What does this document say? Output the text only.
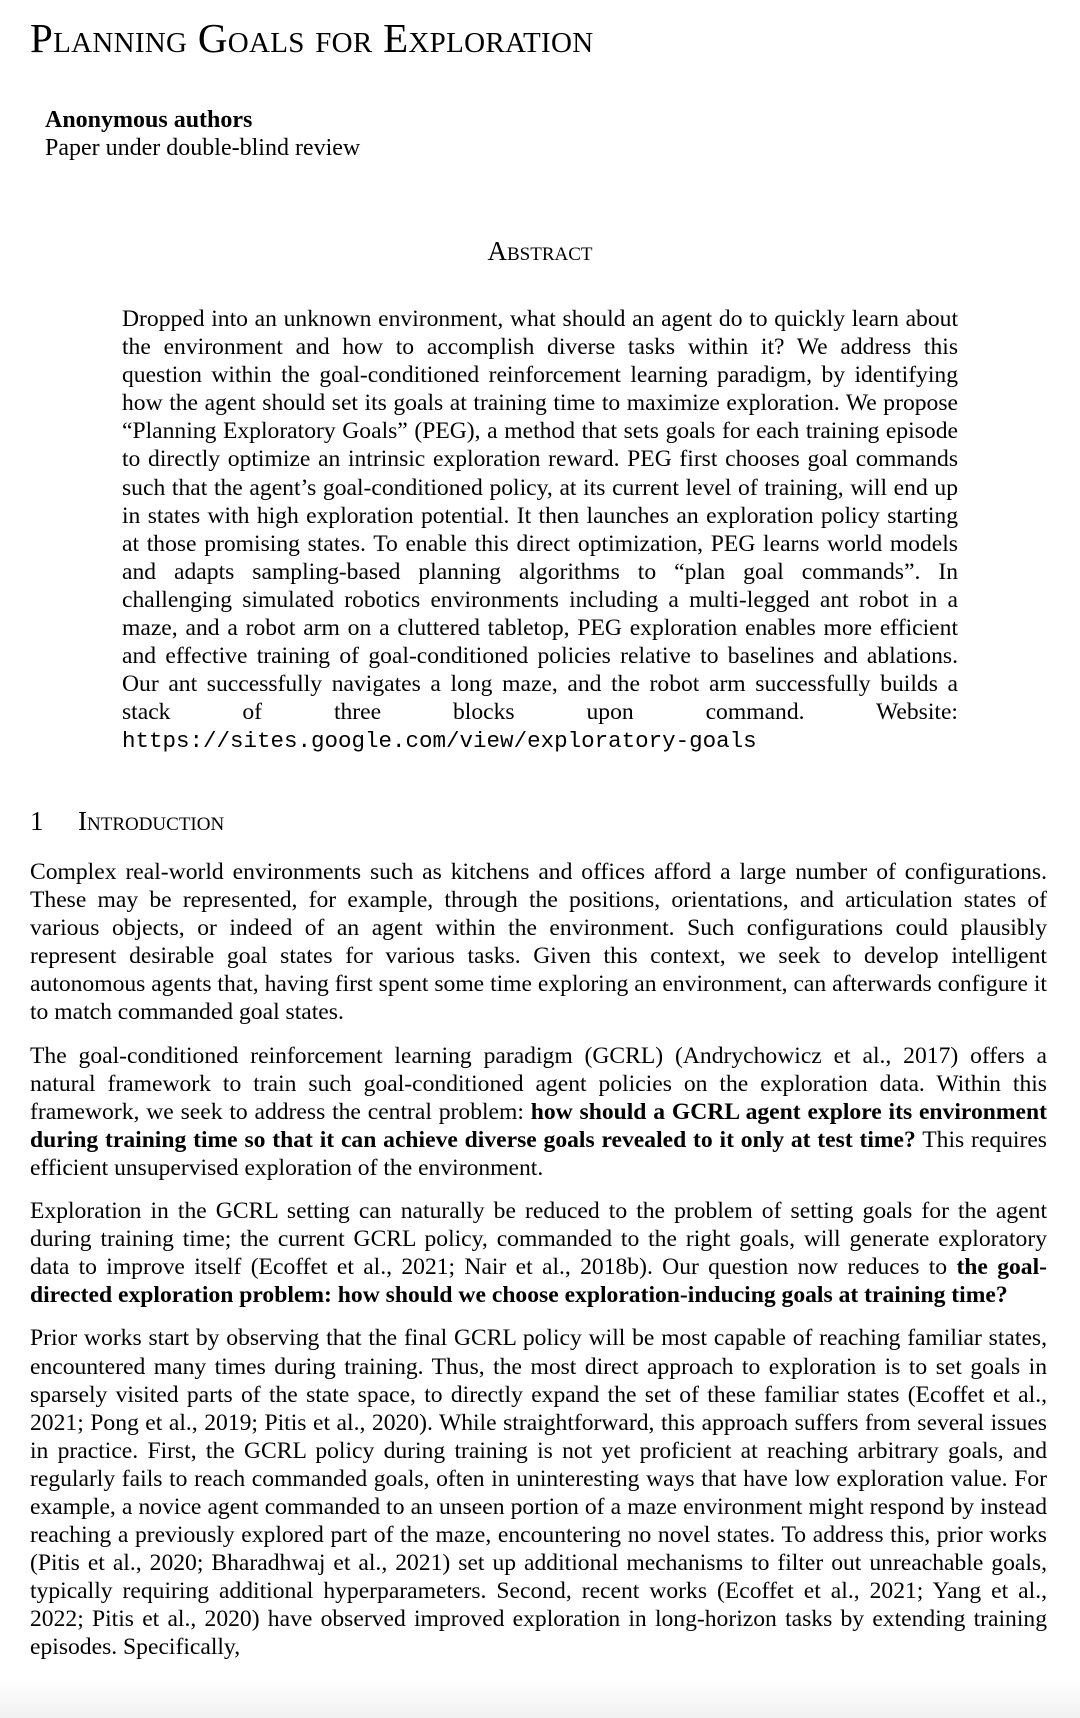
Planning Goals for Exploration
Anonymous authors
Paper under double-blind review
Abstract

Dropped into an unknown environment, what should an agent do to quickly learn about the environment and how to accomplish diverse tasks within it? We address this question within the goal-conditioned reinforcement learning paradigm, by identifying how the agent should set its goals at training time to maximize exploration. We propose “Planning Exploratory Goals” (PEG), a method that sets goals for each training episode to directly optimize an intrinsic exploration reward. PEG first chooses goal commands such that the agent’s goal-conditioned policy, at its current level of training, will end up in states with high exploration potential. It then launches an exploration policy starting at those promising states. To enable this direct optimization, PEG learns world models and adapts sampling-based planning algorithms to “plan goal commands”. In challenging simulated robotics environments including a multi-legged ant robot in a maze, and a robot arm on a cluttered tabletop, PEG exploration enables more efficient and effective training of goal-conditioned policies relative to baselines and ablations. Our ant successfully navigates a long maze, and the robot arm successfully builds a stack of three blocks upon command.	Website: https://sites.google.com/view/exploratory-goals

1 Introduction

Complex real-world environments such as kitchens and offices afford a large number of configurations. These may be represented, for example, through the positions, orientations, and articulation states of various objects, or indeed of an agent within the environment. Such configurations could plausibly represent desirable goal states for various tasks. Given this context, we seek to develop intelligent autonomous agents that, having first spent some time exploring an environment, can afterwards configure it to match commanded goal states.

The goal-conditioned reinforcement learning paradigm (GCRL) (Andrychowicz et al., 2017) offers a natural framework to train such goal-conditioned agent policies on the exploration data. Within this framework, we seek to address the central problem: how should a GCRL agent explore its environment during training time so that it can achieve diverse goals revealed to it only at test time? This requires efficient unsupervised exploration of the environment.

Exploration in the GCRL setting can naturally be reduced to the problem of setting goals for the agent during training time; the current GCRL policy, commanded to the right goals, will generate exploratory data to improve itself (Ecoffet et al., 2021; Nair et al., 2018b). Our question now reduces to the goal-directed exploration problem: how should we choose exploration-inducing goals at training time?

Prior works start by observing that the final GCRL policy will be most capable of reaching familiar states, encountered many times during training. Thus, the most direct approach to exploration is to set goals in sparsely visited parts of the state space, to directly expand the set of these familiar states (Ecoffet et al., 2021; Pong et al., 2019; Pitis et al., 2020). While straightforward, this approach suffers from several issues in practice. First, the GCRL policy during training is not yet proficient at reaching arbitrary goals, and regularly fails to reach commanded goals, often in uninteresting ways that have low exploration value. For example, a novice agent commanded to an unseen portion of a maze environment might respond by instead reaching a previously explored part of the maze, encountering no novel states. To address this, prior works (Pitis et al., 2020; Bharadhwaj et al., 2021) set up additional mechanisms to filter out unreachable goals, typically requiring additional hyperparameters. Second, recent works (Ecoffet et al., 2021; Yang et al., 2022; Pitis et al., 2020) have observed improved exploration in long-horizon tasks by extending training episodes. Specifically,
